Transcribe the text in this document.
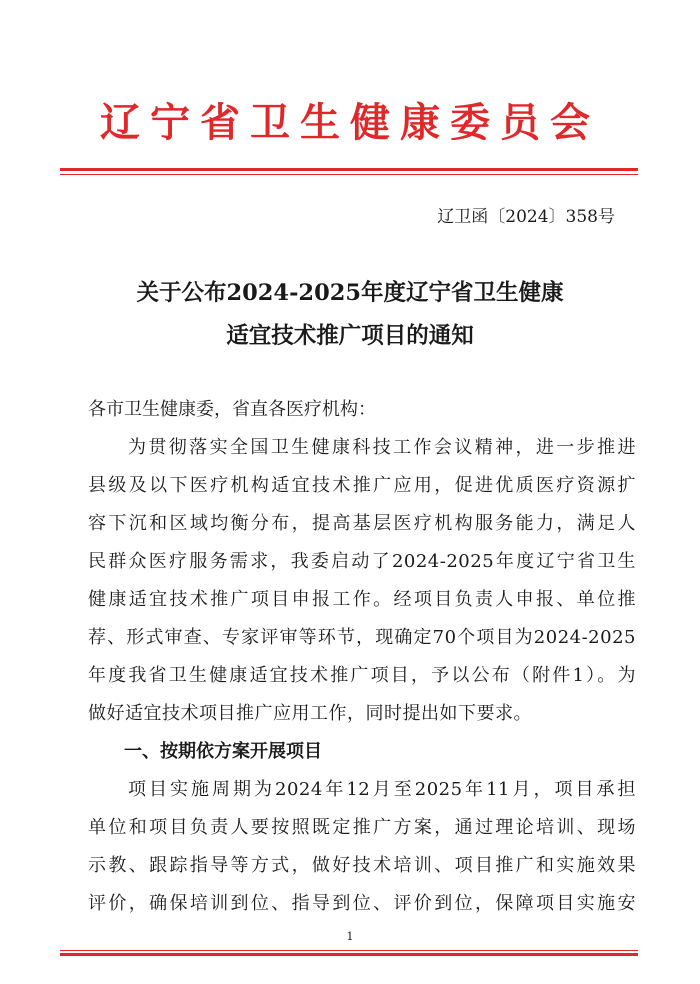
辽宁省卫生健康委员会
辽卫函〔2024〕358号
关于公布2024-2025年度辽宁省卫生健康
适宜技术推广项目的通知
各市卫生健康委，省直各医疗机构：
为贯彻落实全国卫生健康科技工作会议精神，进一步推进
县级及以下医疗机构适宜技术推广应用，促进优质医疗资源扩
容下沉和区域均衡分布，提高基层医疗机构服务能力，满足人
民群众医疗服务需求，我委启动了2024-2025年度辽宁省卫生
健康适宜技术推广项目申报工作。经项目负责人申报、单位推
荐、形式审查、专家评审等环节，现确定70个项目为2024-2025
年度我省卫生健康适宜技术推广项目，予以公布（附件1）。为
做好适宜技术项目推广应用工作，同时提出如下要求。
一、按期依方案开展项目
项目实施周期为2024年12月至2025年11月，项目承担
单位和项目负责人要按照既定推广方案，通过理论培训、现场
示教、跟踪指导等方式，做好技术培训、项目推广和实施效果
评价，确保培训到位、指导到位、评价到位，保障项目实施安
1
